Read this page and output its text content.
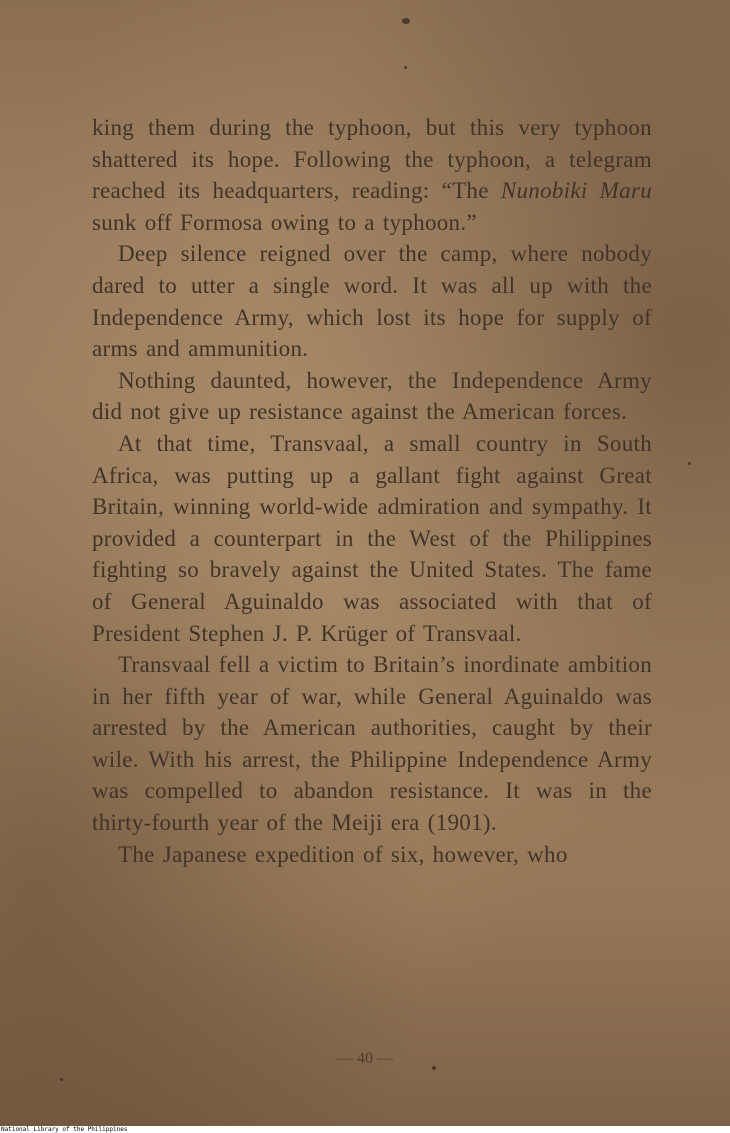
king them during the typhoon, but this very typhoon shattered its hope. Following the typhoon, a telegram reached its headquarters, reading: “The Nunobiki Maru sunk off Formosa owing to a typhoon.”

Deep silence reigned over the camp, where nobody dared to utter a single word. It was all up with the Independence Army, which lost its hope for supply of arms and ammunition.

Nothing daunted, however, the Independence Army did not give up resistance against the American forces.

At that time, Transvaal, a small country in South Africa, was putting up a gallant fight against Great Britain, winning world-wide admiration and sympathy. It provided a counterpart in the West of the Philippines fighting so bravely against the United States. The fame of General Aguinaldo was associated with that of President Stephen J. P. Krüger of Transvaal.

Transvaal fell a victim to Britain’s inordinate ambition in her fifth year of war, while General Aguinaldo was arrested by the American authorities, caught by their wile. With his arrest, the Philippine Independence Army was compelled to abandon resistance. It was in the thirty-fourth year of the Meiji era (1901).

The Japanese expedition of six, however, who

— 40 —
National Library of the Philippines
